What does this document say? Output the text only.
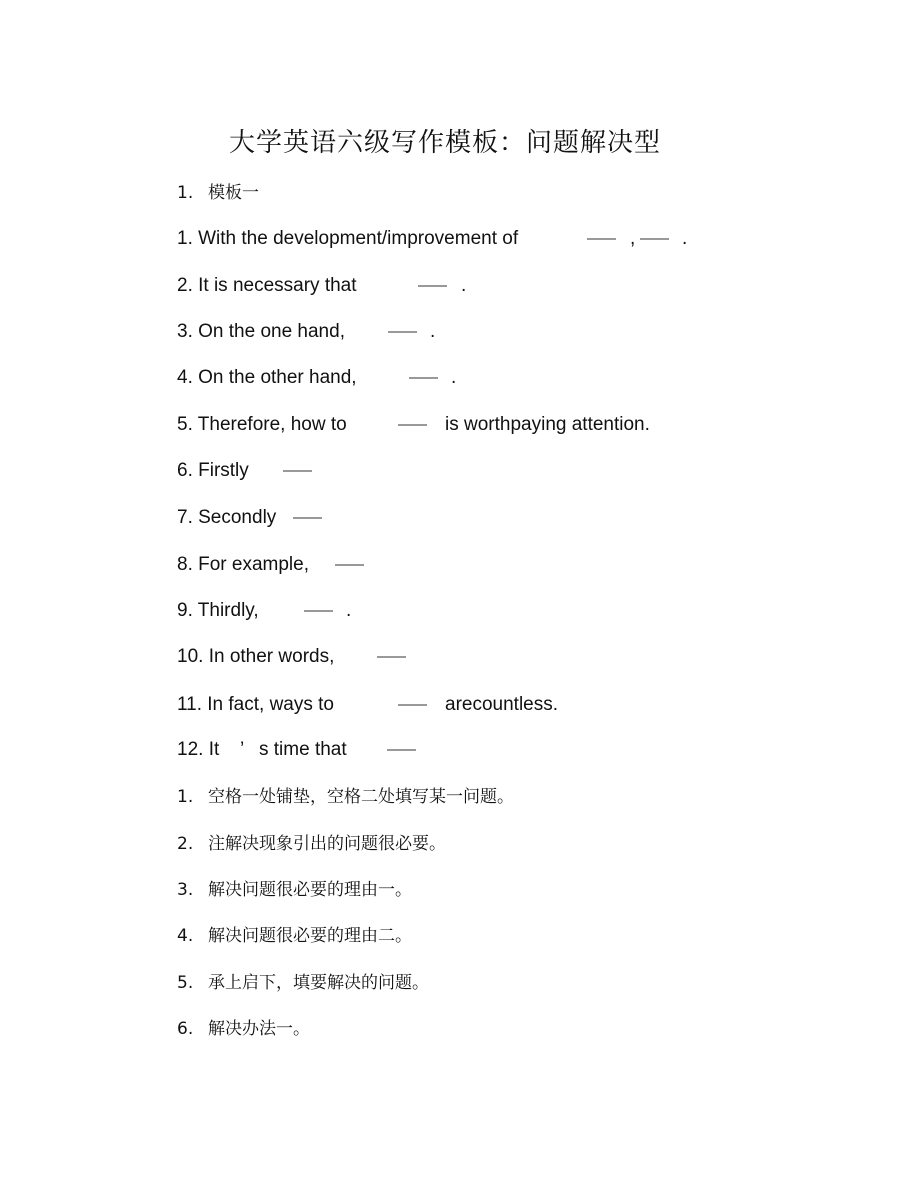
大学英语六级写作模板：问题解决型
1. 模板一
1. With the development/improvement of	—— , —— .
2. It is necessary that	—— .
3. On the one hand,	—— .
4. On the other hand,	—— .
5. Therefore, how to	—— is worthpaying attention.
6. Firstly ——
7. Secondly ——
8. For example, ——
9. Thirdly,	—— .
10. In other words,	——
11. In fact, ways to	—— arecountless.
12. It ’ s time that	——
1. 空格一处铺垫，空格二处填写某一问题。
2. 注解决现象引出的问题很必要。
3. 解决问题很必要的理由一。
4. 解决问题很必要的理由二。
5. 承上启下，填要解决的问题。
6. 解决办法一。
